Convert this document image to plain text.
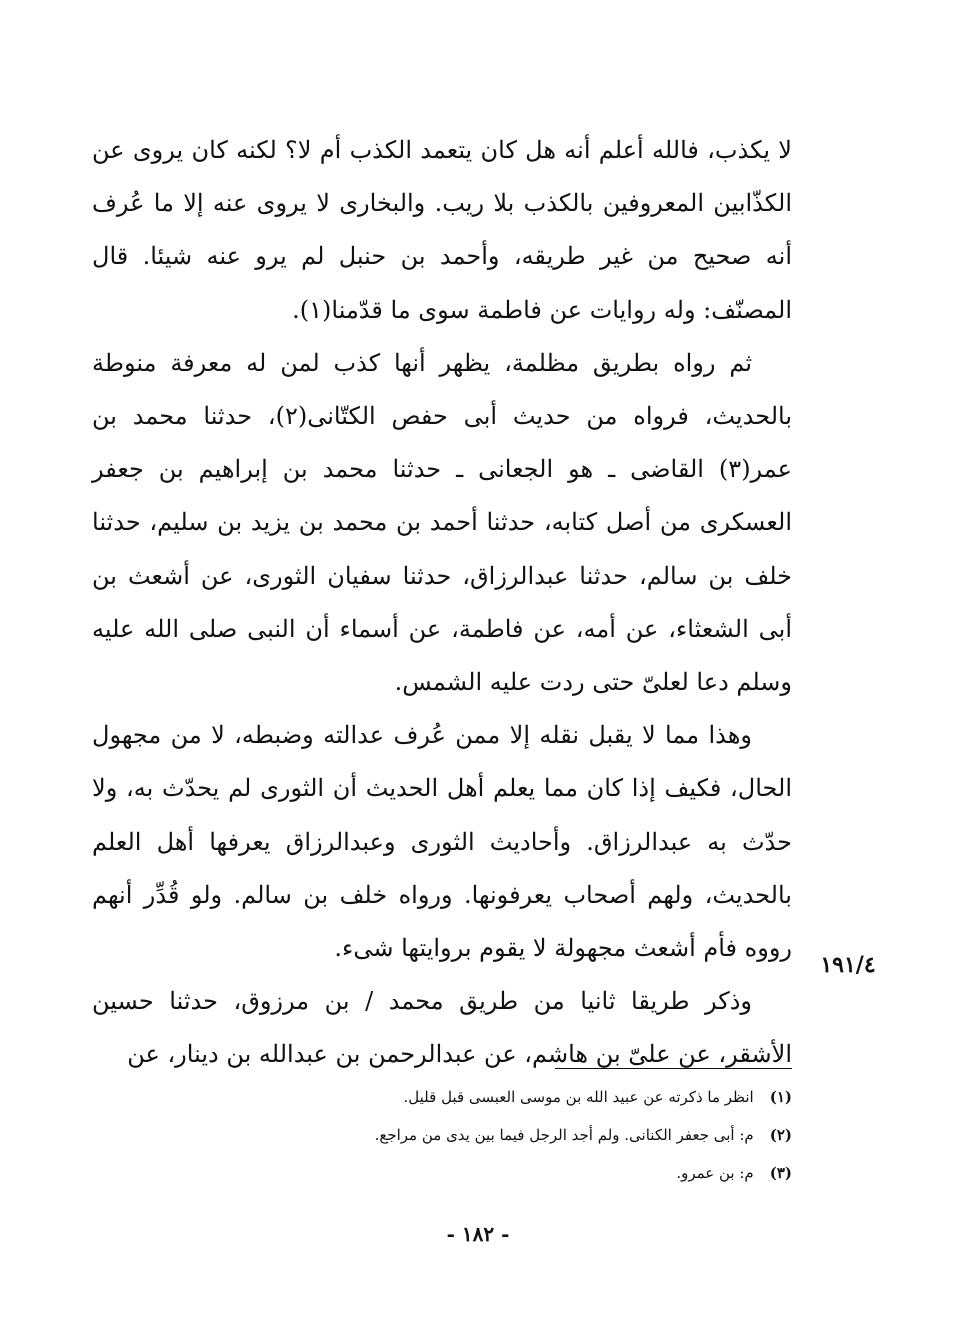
لا يكذب، فالله أعلم أنه هل كان يتعمد الكذب أم لا؟ لكنه كان يروى عن الكذّابين المعروفين بالكذب بلا ريب. والبخارى لا يروى عنه إلا ما عُرف أنه صحيح من غير طريقه، وأحمد بن حنبل لم يرو عنه شيئا. قال المصنّف: وله روايات عن فاطمة سوى ما قدّمنا(١).

ثم رواه بطريق مظلمة، يظهر أنها كذب لمن له معرفة منوطة بالحديث، فرواه من حديث أبى حفص الكتّانى(٢)، حدثنا محمد بن عمر(٣) القاضى ـ هو الجعانى ـ حدثنا محمد بن إبراهيم بن جعفر العسكرى من أصل كتابه، حدثنا أحمد بن محمد بن يزيد بن سليم، حدثنا خلف بن سالم، حدثنا عبدالرزاق، حدثنا سفيان الثورى، عن أشعث بن أبى الشعثاء، عن أمه، عن فاطمة، عن أسماء أن النبى صلى الله عليه وسلم دعا لعلىّ حتى ردت عليه الشمس.

وهذا مما لا يقبل نقله إلا ممن عُرف عدالته وضبطه، لا من مجهول الحال، فكيف إذا كان مما يعلم أهل الحديث أن الثورى لم يحدّث به، ولا حدّث به عبدالرزاق. وأحاديث الثورى وعبدالرزاق يعرفها أهل العلم بالحديث، ولهم أصحاب يعرفونها. ورواه خلف بن سالم. ولو قُدِّر أنهم رووه فأم أشعث مجهولة لا يقوم بروايتها شىء.

وذكر طريقا ثانيا من طريق محمد / بن مرزوق، حدثنا حسين الأشقر، عن علىّ بن هاشم، عن عبدالرحمن بن عبدالله بن دينار، عن

١٩١/٤
(١)انظر ما ذكرته عن عبيد الله بن موسى العبسى قبل قليل.
(٢)م: أبى جعفر الكنانى. ولم أجد الرجل فيما بين يدى من مراجع.
(٣)م: بن عمرو.
- ١٨٢ -
